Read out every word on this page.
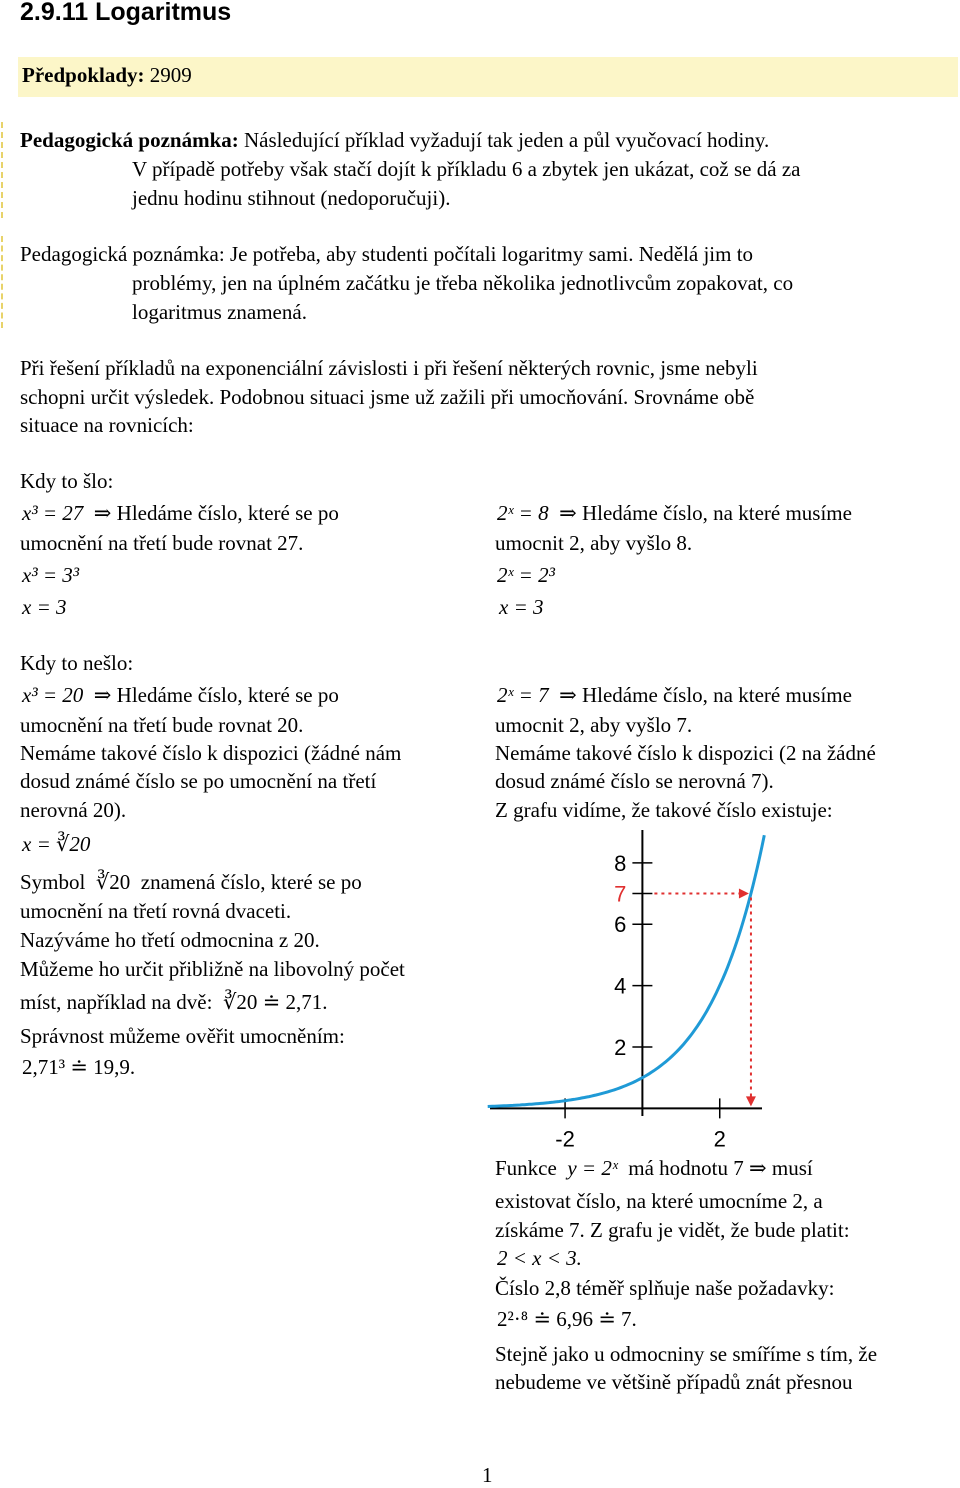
2.9.11 Logaritmus
Předpoklady: 2909
Pedagogická poznámka: Následující příklad vyžadují tak jeden a půl vyučovací hodiny.
V případě potřeby však stačí dojít k příkladu 6 a zbytek jen ukázat, což se dá za
jednu hodinu stihnout (nedoporučuji).
Pedagogická poznámka: Je potřeba, aby studenti počítali logaritmy sami. Nedělá jim to
problémy, jen na úplném začátku je třeba několika jednotlivcům zopakovat, co
logaritmus znamená.
Při řešení příkladů na exponenciální závislosti i při řešení některých rovnic, jsme nebyli
schopni určit výsledek. Podobnou situaci jsme už zažili při umocňování. Srovnáme obě
situace na rovnicích:
Kdy to šlo:
x³ = 27  ⇒ Hledáme číslo, které se po
umocnění na třetí bude rovnat 27.
x³ = 3³
x = 3
2ˣ = 8  ⇒ Hledáme číslo, na které musíme
umocnit 2, aby vyšlo 8.
2ˣ = 2³
x = 3
Kdy to nešlo:
x³ = 20  ⇒ Hledáme číslo, které se po
umocnění na třetí bude rovnat 20.
Nemáme takové číslo k dispozici (žádné nám
dosud známé číslo se po umocnění na třetí
nerovná 20).
x = ∛20
Symbol ∛20 znamená číslo, které se po
umocnění na třetí rovná dvaceti.
Nazýváme ho třetí odmocnina z 20.
Můžeme ho určit přibližně na libovolný počet
míst, například na dvě: ∛20 ≐ 2,71.
Správnost můžeme ověřit umocněním:
2,71³ ≐ 19,9.
2ˣ = 7  ⇒ Hledáme číslo, na které musíme
umocnit 2, aby vyšlo 7.
Nemáme takové číslo k dispozici (2 na žádné
dosud známé číslo se nerovná 7).
Z grafu vidíme, že takové číslo existuje:
2
4
6
8
-2	2
7
Funkce y = 2ˣ má hodnotu 7 ⇒ musí
existovat číslo, na které umocníme 2, a
získáme 7. Z grafu je vidět, že bude platit:
2 < x < 3.
Číslo 2,8 téměř splňuje naše požadavky:
2²·⁸ ≐ 6,96 ≐ 7.
Stejně jako u odmocniny se smíříme s tím, že
nebudeme ve většině případů znát přesnou
1
